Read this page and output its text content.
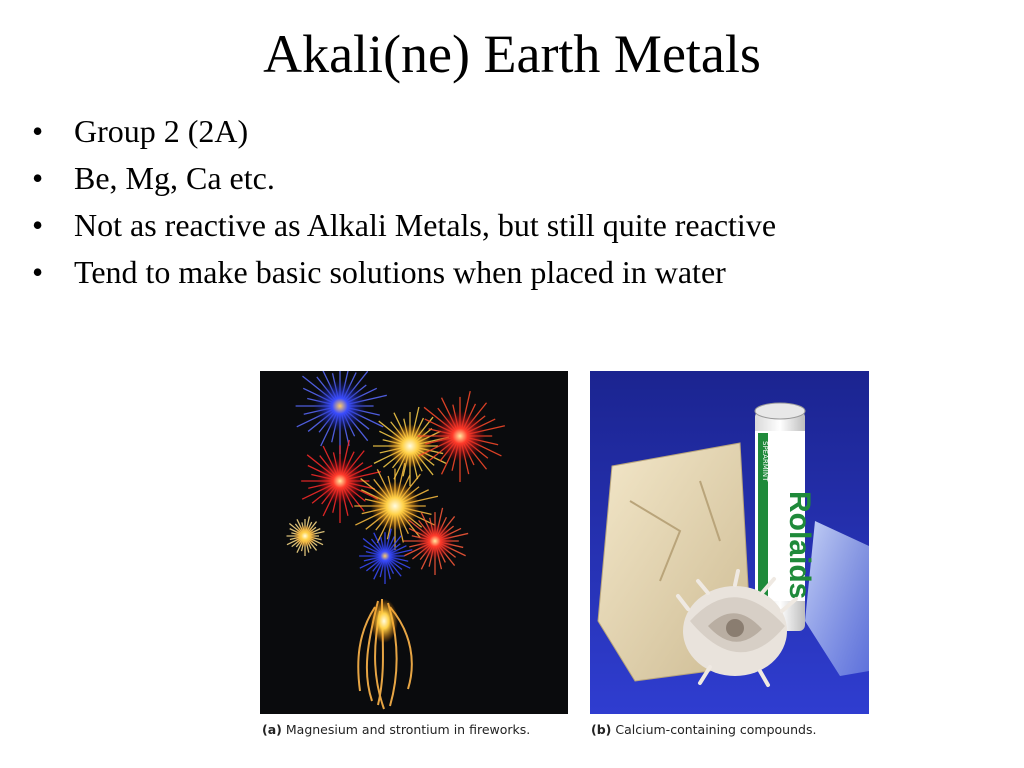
Akali(ne) Earth Metals
• Group 2 (2A)
• Be, Mg, Ca etc.
• Not as reactive as Alkali Metals, but still quite reactive
• Tend to make basic solutions when placed in water
Rolaids
SPEARMINT
(a) Magnesium and strontium in fireworks.	(b) Calcium-containing compounds.
